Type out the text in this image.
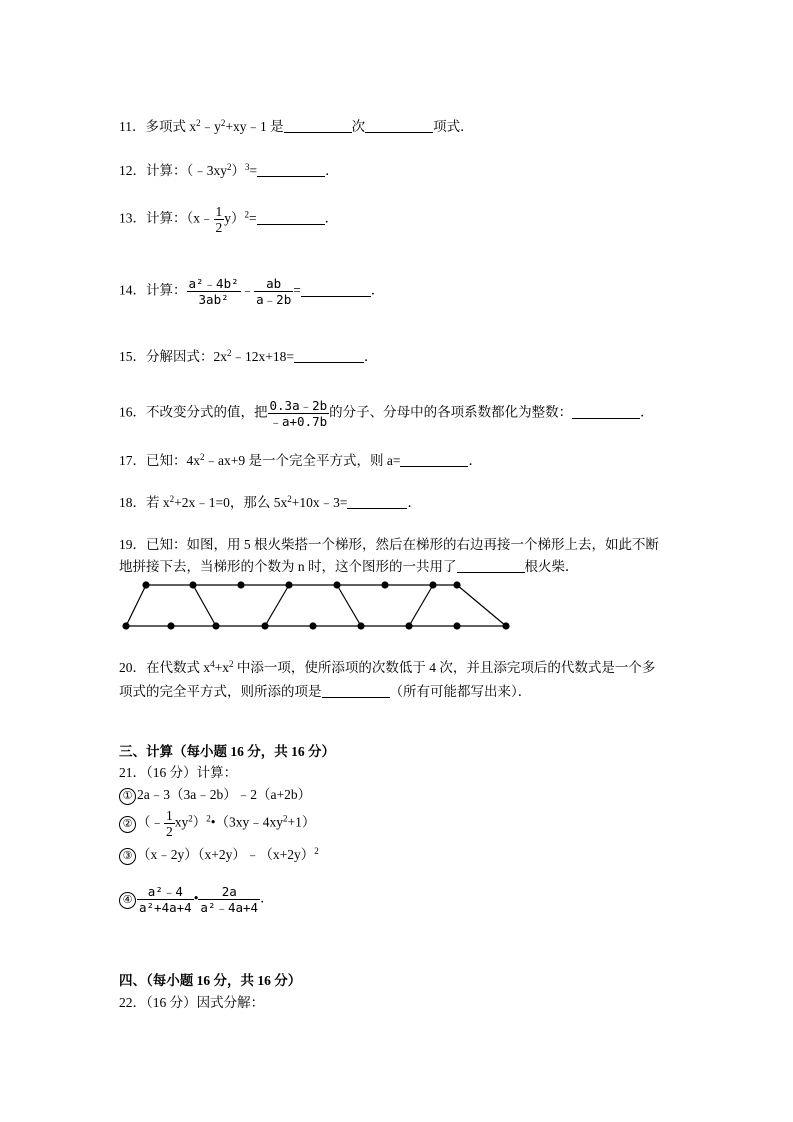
11．多项式 $x^2﹣y^2+xy﹣1$ 是	次	项式．
12．计算：$(﹣3xy^2)^3=$	．
13．计算：（x﹣ $\frac{1}{2} y)^2=$	．
14．计算： $\frac{\text{a²﹣4b²}}{\text{3ab²}}$ ﹣ $\frac{ab}{a﹣2b}$ =	．
15．分解因式：$2x^2﹣12x+18=$	．
16．不改变分式的值，把 $\frac{0.3a﹣2b}{﹣a+0.7b}$ 的分子、分母中的各项系数都化为整数：	．
17．已知：$4x^2﹣ax+9$ 是一个完全平方式，则 a=	．
18．若 $x^2+2x﹣1=0$，那么 $5x^2+10x﹣3=$	．
19．已知：如图，用 5 根火柴搭一个梯形，然后在梯形的右边再接一个梯形上去，如此不断
地拼接下去，当梯形的个数为 n 时，这个图形的一共用了	根火柴．
20．在代数式 $x^4+x^2$ 中添一项，使所添项的次数低于 4 次，并且添完项后的代数式是一个多
项式的完全平方式，则所添的项是	（所有可能都写出来）．
三、计算（每小题 16 分，共 16 分）
21．（16 分）计算：
① 2a﹣3（3a﹣2b）﹣2（a+2b）
② （﹣ $\frac{1}{2}$ $xy^2)^2•(3xy﹣4xy^2+1)$
③ $(x﹣2y)(x+2y)﹣(x+2y)^2$
④ $\frac{\text{a²﹣4}}{\text{a²+4a+4}}$ • $\frac{2a}{\text{a²﹣4a+4}}$ ．
四、（每小题 16 分，共 16 分）
22．（16 分）因式分解：
